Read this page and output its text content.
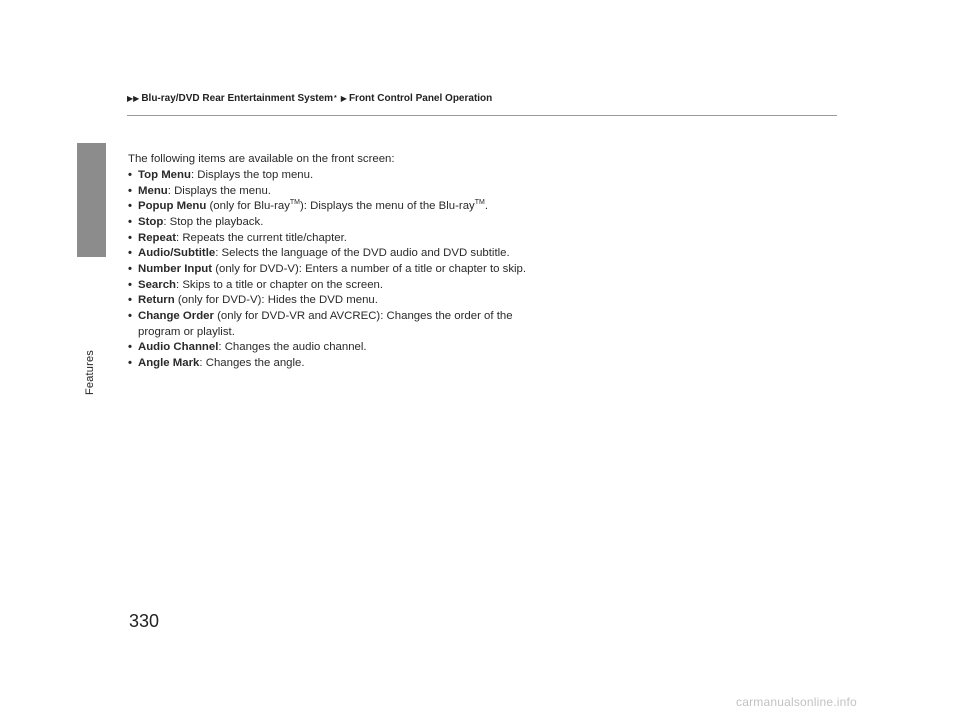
Features
▶▶ Blu-ray/DVD Rear Entertainment System * ▶ Front Control Panel Operation
The following items are available on the front screen:
• Top Menu: Displays the top menu.
• Menu: Displays the menu.
• Popup Menu (only for Blu-ray™): Displays the menu of the Blu-ray™.
• Stop: Stop the playback.
• Repeat: Repeats the current title/chapter.
• Audio/Subtitle: Selects the language of the DVD audio and DVD subtitle.
• Number Input (only for DVD-V): Enters a number of a title or chapter to skip.
• Search: Skips to a title or chapter on the screen.
• Return (only for DVD-V): Hides the DVD menu.
• Change Order (only for DVD-VR and AVCREC): Changes the order of the program or playlist.
• Audio Channel: Changes the audio channel.
• Angle Mark: Changes the angle.
330
carmanualsonline.info
